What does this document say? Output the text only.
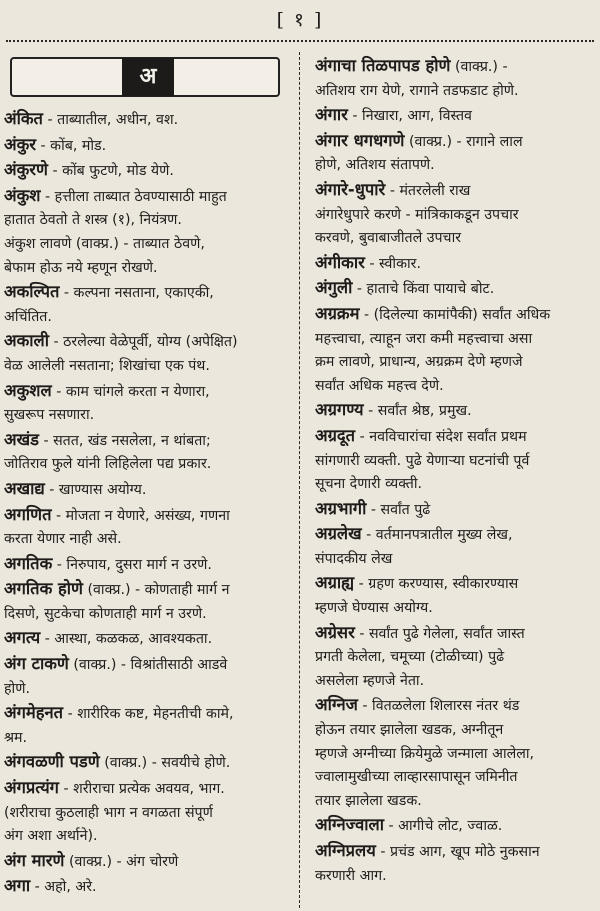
[ १ ]
अ

अंकित - ताब्यातील, अधीन, वश.

अंकुर - कोंब, मोड.

अंकुरणे - कोंब फुटणे, मोड येणे.

अंकुश - हत्तीला ताब्यात ठेवण्यासाठी माहुत

हातात ठेवतो ते शस्त्र (१), नियंत्रण.

अंकुश लावणे (वाक्प्र.) - ताब्यात ठेवणे,

बेफाम होऊ नये म्हणून रोखणे.

अकल्पित - कल्पना नसताना, एकाएकी,

अचिंतित.

अकाली - ठरलेल्या वेळेपूर्वी, योग्य (अपेक्षित)

वेळ आलेली नसताना; शिखांचा एक पंथ.

अकुशल - काम चांगले करता न येणारा,

सुखरूप नसणारा.

अखंड - सतत, खंड नसलेला, न थांबता;

जोतिराव फुले यांनी लिहिलेला पद्य प्रकार.

अखाद्य - खाण्यास अयोग्य.

अगणित - मोजता न येणारे, असंख्य, गणना

करता येणार नाही असे.

अगतिक - निरुपाय, दुसरा मार्ग न उरणे.

अगतिक होणे (वाक्प्र.) - कोणताही मार्ग न

दिसणे, सुटकेचा कोणताही मार्ग न उरणे.

अगत्य - आस्था, कळकळ, आवश्यकता.

अंग टाकणे (वाक्प्र.) - विश्रांतीसाठी आडवे

होणे.

अंगमेहनत - शारीरिक कष्ट, मेहनतीची कामे,

श्रम.

अंगवळणी पडणे (वाक्प्र.) - सवयीचे होणे.

अंगप्रत्यंग - शरीराचा प्रत्येक अवयव, भाग.

(शरीराचा कुठलाही भाग न वगळता संपूर्ण

अंग अशा अर्थाने).

अंग मारणे (वाक्प्र.) - अंग चोरणे

अगा - अहो, अरे.

अंगाचा तिळपापड होणे (वाक्प्र.) -

अतिशय राग येणे, रागाने तडफडाट होणे.

अंगार - निखारा, आग, विस्तव

अंगार धगधगणे (वाक्प्र.) - रागाने लाल

होणे, अतिशय संतापणे.

अंगारे-धुपारे - मंतरलेली राख

अंगारेधुपारे करणे - मांत्रिकाकडून उपचार

करवणे, बुवाबाजीतले उपचार

अंगीकार - स्वीकार.

अंगुली - हाताचे किंवा पायाचे बोट.

अग्रक्रम - (दिलेल्या कामांपैकी) सर्वांत अधिक

महत्त्वाचा, त्याहून जरा कमी महत्त्वाचा असा

क्रम लावणे, प्राधान्य, अग्रक्रम देणे म्हणजे

सर्वांत अधिक महत्त्व देणे.

अग्रगण्य - सर्वांत श्रेष्ठ, प्रमुख.

अग्रदूत - नवविचारांचा संदेश सर्वांत प्रथम

सांगणारी व्यक्ती. पुढे येणाऱ्या घटनांची पूर्व

सूचना देणारी व्यक्ती.

अग्रभागी - सर्वांत पुढे

अग्रलेख - वर्तमानपत्रातील मुख्य लेख,

संपादकीय लेख

अग्राह्य - ग्रहण करण्यास, स्वीकारण्यास

म्हणजे घेण्यास अयोग्य.

अग्रेसर - सर्वांत पुढे गेलेला, सर्वांत जास्त

प्रगती केलेला, चमूच्या (टोळीच्या) पुढे

असलेला म्हणजे नेता.

अग्निज - वितळलेला शिलारस नंतर थंड

होऊन तयार झालेला खडक, अग्नीतून

म्हणजे अग्नीच्या क्रियेमुळे जन्माला आलेला,

ज्वालामुखीच्या लाव्हारसापासून जमिनीत

तयार झालेला खडक.

अग्निज्वाला - आगीचे लोट, ज्वाळ.

अग्निप्रलय - प्रचंड आग, खूप मोठे नुकसान

करणारी आग.
